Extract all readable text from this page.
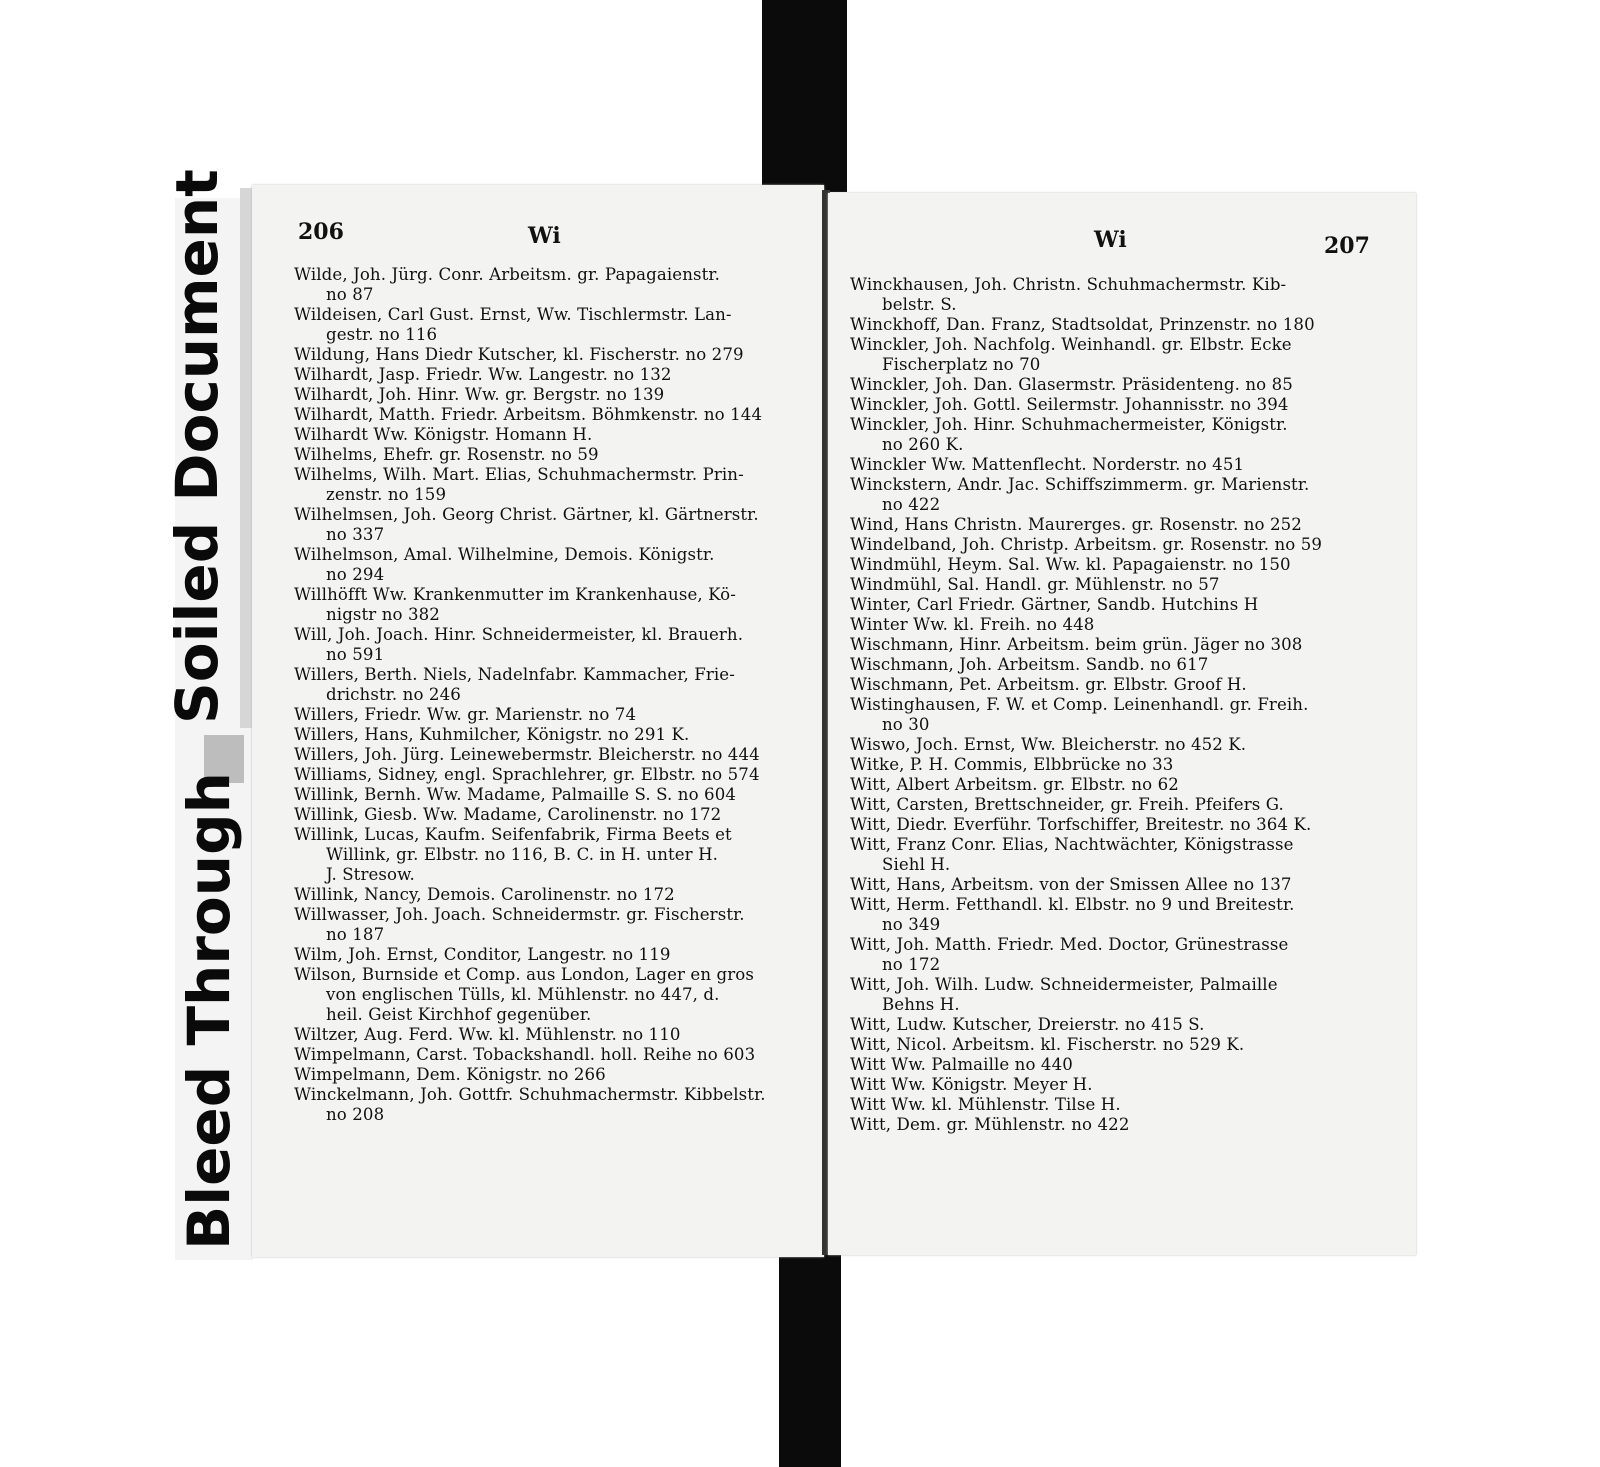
Soiled Document
Bleed Through
206	Wi
Wilde, Joh. Jürg. Conr. Arbeitsm. gr. Papagaienstr.
no 87
Wildeisen, Carl Gust. Ernst, Ww. Tischlermstr. Lan-
gestr. no 116
Wildung, Hans Diedr Kutscher, kl. Fischerstr. no 279
Wilhardt, Jasp. Friedr. Ww. Langestr. no 132
Wilhardt, Joh. Hinr. Ww. gr. Bergstr. no 139
Wilhardt, Matth. Friedr. Arbeitsm. Böhmkenstr. no 144
Wilhardt Ww. Königstr. Homann H.
Wilhelms, Ehefr. gr. Rosenstr. no 59
Wilhelms, Wilh. Mart. Elias, Schuhmachermstr. Prin-
zenstr. no 159
Wilhelmsen, Joh. Georg Christ. Gärtner, kl. Gärtnerstr.
no 337
Wilhelmson, Amal. Wilhelmine, Demois. Königstr.
no 294
Willhöfft Ww. Krankenmutter im Krankenhause, Kö-
nigstr no 382
Will, Joh. Joach. Hinr. Schneidermeister, kl. Brauerh.
no 591
Willers, Berth. Niels, Nadelnfabr. Kammacher, Frie-
drichstr. no 246
Willers, Friedr. Ww. gr. Marienstr. no 74
Willers, Hans, Kuhmilcher, Königstr. no 291 K.
Willers, Joh. Jürg. Leinewebermstr. Bleicherstr. no 444
Williams, Sidney, engl. Sprachlehrer, gr. Elbstr. no 574
Willink, Bernh. Ww. Madame, Palmaille S. S. no 604
Willink, Giesb. Ww. Madame, Carolinenstr. no 172
Willink, Lucas, Kaufm. Seifenfabrik, Firma Beets et
Willink, gr. Elbstr. no 116, B. C. in H. unter H.
J. Stresow.
Willink, Nancy, Demois. Carolinenstr. no 172
Willwasser, Joh. Joach. Schneidermstr. gr. Fischerstr.
no 187
Wilm, Joh. Ernst, Conditor, Langestr. no 119
Wilson, Burnside et Comp. aus London, Lager en gros
von englischen Tülls, kl. Mühlenstr. no 447, d.
heil. Geist Kirchhof gegenüber.
Wiltzer, Aug. Ferd. Ww. kl. Mühlenstr. no 110
Wimpelmann, Carst. Tobackshandl. holl. Reihe no 603
Wimpelmann, Dem. Königstr. no 266
Winckelmann, Joh. Gottfr. Schuhmachermstr. Kibbelstr.
no 208
Wi	207
Winckhausen, Joh. Christn. Schuhmachermstr. Kib-
belstr. S.
Winckhoff, Dan. Franz, Stadtsoldat, Prinzenstr. no 180
Winckler, Joh. Nachfolg. Weinhandl. gr. Elbstr. Ecke
Fischerplatz no 70
Winckler, Joh. Dan. Glasermstr. Präsidenteng. no 85
Winckler, Joh. Gottl. Seilermstr. Johannisstr. no 394
Winckler, Joh. Hinr. Schuhmachermeister, Königstr.
no 260 K.
Winckler Ww. Mattenflecht. Norderstr. no 451
Winckstern, Andr. Jac. Schiffszimmerm. gr. Marienstr.
no 422
Wind, Hans Christn. Maurerges. gr. Rosenstr. no 252
Windelband, Joh. Christp. Arbeitsm. gr. Rosenstr. no 59
Windmühl, Heym. Sal. Ww. kl. Papagaienstr. no 150
Windmühl, Sal. Handl. gr. Mühlenstr. no 57
Winter, Carl Friedr. Gärtner, Sandb. Hutchins H
Winter Ww. kl. Freih. no 448
Wischmann, Hinr. Arbeitsm. beim grün. Jäger no 308
Wischmann, Joh. Arbeitsm. Sandb. no 617
Wischmann, Pet. Arbeitsm. gr. Elbstr. Groof H.
Wistinghausen, F. W. et Comp. Leinenhandl. gr. Freih.
no 30
Wiswo, Joch. Ernst, Ww. Bleicherstr. no 452 K.
Witke, P. H. Commis, Elbbrücke no 33
Witt, Albert Arbeitsm. gr. Elbstr. no 62
Witt, Carsten, Brettschneider, gr. Freih. Pfeifers G.
Witt, Diedr. Everführ. Torfschiffer, Breitestr. no 364 K.
Witt, Franz Conr. Elias, Nachtwächter, Königstrasse
Siehl H.
Witt, Hans, Arbeitsm. von der Smissen Allee no 137
Witt, Herm. Fetthandl. kl. Elbstr. no 9 und Breitestr.
no 349
Witt, Joh. Matth. Friedr. Med. Doctor, Grünestrasse
no 172
Witt, Joh. Wilh. Ludw. Schneidermeister, Palmaille
Behns H.
Witt, Ludw. Kutscher, Dreierstr. no 415 S.
Witt, Nicol. Arbeitsm. kl. Fischerstr. no 529 K.
Witt Ww. Palmaille no 440
Witt Ww. Königstr. Meyer H.
Witt Ww. kl. Mühlenstr. Tilse H.
Witt, Dem. gr. Mühlenstr. no 422
